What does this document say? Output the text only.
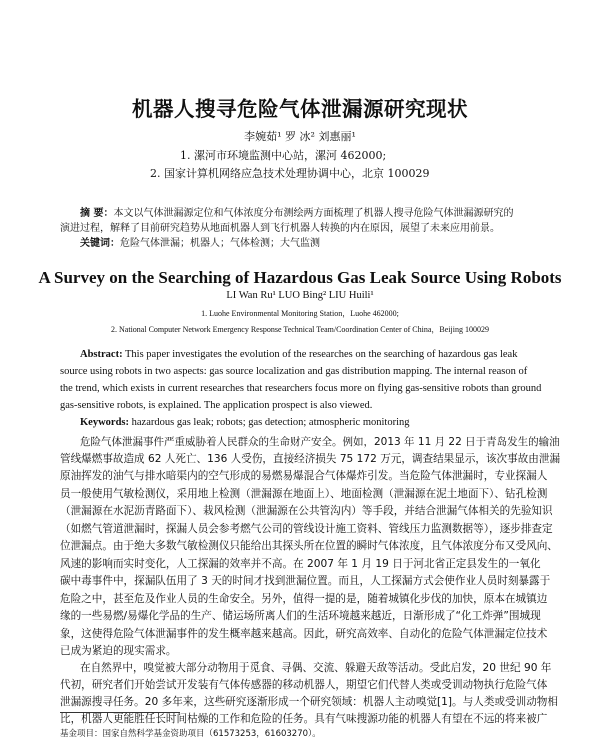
机器人搜寻危险气体泄漏源研究现状
李婉茹¹ 罗 冰² 刘惠丽¹
1. 漯河市环境监测中心站，漯河 462000;
2. 国家计算机网络应急技术处理协调中心，北京 100029
摘 要：本文以气体泄漏源定位和气体浓度分布测绘两方面梳理了机器人搜寻危险气体泄漏源研究的
演进过程，解释了目前研究趋势从地面机器人到飞行机器人转换的内在原因，展望了未来应用前景。
关键词：危险气体泄漏；机器人；气体检测；大气监测
A Survey on the Searching of Hazardous Gas Leak Source Using Robots
LI Wan Ru¹ LUO Bing² LIU Huili¹
1. Luohe Environmental Monitoring Station，Luohe 462000;
2. National Computer Network Emergency Response Technical Team/Coordination Center of China，Beijing 100029
Abstract: This paper investigates the evolution of the researches on the searching of hazardous gas leak
source using robots in two aspects: gas source localization and gas distribution mapping. The internal reason of
the trend, which exists in current researches that researchers focus more on flying gas-sensitive robots than ground
gas-sensitive robots, is explained. The application prospect is also viewed.
Keywords: hazardous gas leak; robots; gas detection; atmospheric monitoring
危险气体泄漏事件严重威胁着人民群众的生命财产安全。例如，2013 年 11 月 22 日于青岛发生的输油
管线爆燃事故造成 62 人死亡、136 人受伤，直接经济损失 75 172 万元，调查结果显示，该次事故由泄漏
原油挥发的油气与排水暗渠内的空气形成的易燃易爆混合气体爆炸引发。当危险气体泄漏时，专业探漏人
员一般使用气敏检测仪，采用地上检测（泄漏源在地面上）、地面检测（泄漏源在泥土地面下）、钻孔检测
（泄漏源在水泥沥青路面下）、栽风检测（泄漏源在公共管沟内）等手段，并结合泄漏气体相关的先验知识
（如燃气管道泄漏时，探漏人员会参考燃气公司的管线设计施工资料、管线压力监测数据等），逐步排查定
位泄漏点。由于绝大多数气敏检测仪只能给出其探头所在位置的瞬时气体浓度，且气体浓度分布又受风向、
风速的影响而实时变化，人工探漏的效率并不高。在 2007 年 1 月 19 日于河北省正定县发生的一氧化
碳中毒事件中，探漏队伍用了 3 天的时间才找到泄漏位置。而且，人工探漏方式会使作业人员时刻暴露于
危险之中，甚至危及作业人员的生命安全。另外，值得一提的是，随着城镇化步伐的加快，原本在城镇边
缘的一些易燃/易爆化学品的生产、储运场所离人们的生活环境越来越近，日渐形成了“化工炸弹”围城现
象，这使得危险气体泄漏事件的发生概率越来越高。因此，研究高效率、自动化的危险气体泄漏定位技术
已成为紧迫的现实需求。
在自然界中，嗅觉被大部分动物用于觅食、寻偶、交流、躲避天敌等活动。受此启发，20 世纪 90 年
代初，研究者们开始尝试开发装有气体传感器的移动机器人，期望它们代替人类或受训动物执行危险气体
泄漏源搜寻任务。20 多年来，这些研究逐渐形成一个研究领域：机器人主动嗅觉[1]。与人类或受训动物相
比，机器人更能胜任长时间枯燥的工作和危险的任务。具有气味搜源功能的机器人有望在不远的将来被广
基金项目：国家自然科学基金资助项目（61573253，61603270）。
